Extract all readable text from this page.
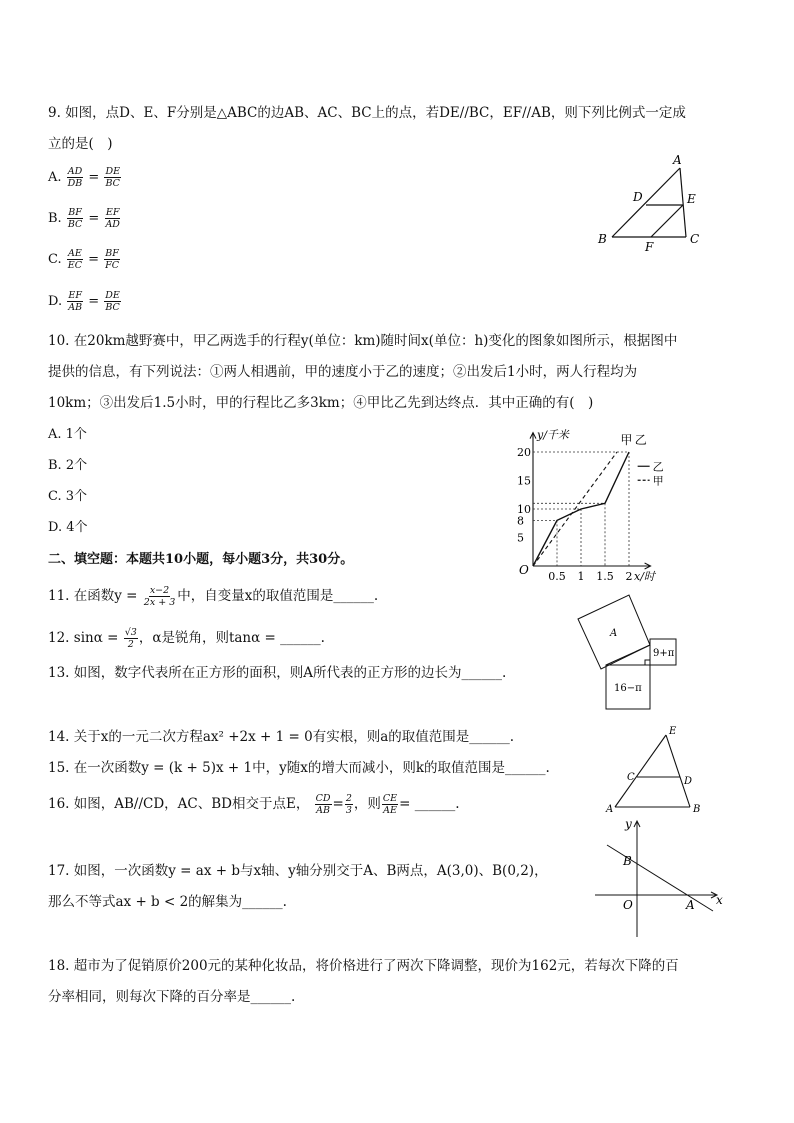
9. 如图，点D、E、F分别是△ABC的边AB、AC、BC上的点，若DE//BC，EF//AB，则下列比例式一定成
立的是(　)
A. $\frac{AD}{DB} = \frac{DE}{BC}$
B. $\frac{BF}{BC} = \frac{EF}{AD}$
C. $\frac{AE}{EC} = \frac{BF}{FC}$
D. $\frac{EF}{AB} = \frac{DE}{BC}$
A
B	C
D	E
F
10. 在20km越野赛中，甲乙两选手的行程y(单位：km)随时间x(单位：h)变化的图象如图所示，根据图中
提供的信息，有下列说法：①两人相遇前，甲的速度小于乙的速度；②出发后1小时，两人行程均为
10km；③出发后1.5小时，甲的行程比乙多3km；④甲比乙先到达终点．其中正确的有(　)
A. 1个
B. 2个
C. 3个
D. 4个
y/千米
x/时
O
5
8
10
15
20
0.5 1 1.5 2
甲 乙
乙
甲
二、填空题：本题共10小题，每小题3分，共30分。
11. 在函数$y = \frac{x-2}{2x + 3}$ 中，自变量x的取值范围是______.
12. $\sin\alpha = \frac{√3}{2}$ ，α是锐角，则tanα = ______.
13. 如图，数字代表所在正方形的面积，则A所代表的正方形的边长为______.
A
9+π
16−π
14. 关于x的一元二次方程ax² +2x + 1 = 0有实根，则a的取值范围是______.
15. 在一次函数y = (k + 5)x + 1中，y随x的增大而减小，则k的取值范围是______.
16. 如图，AB//CD，AC、BD相交于点E， $\frac{CD}{AB} = \frac{2}{3}$ ，则 $\frac{CE}{AE}$ = ______.
E
C	D
A	B
17. 如图，一次函数y = ax + b与x轴、y轴分别交于A、B两点，A(3,0)、B(0,2)，
那么不等式ax + b < 2的解集为______.
y
x
O	A
B
18. 超市为了促销原价200元的某种化妆品，将价格进行了两次下降调整，现价为162元，若每次下降的百
分率相同，则每次下降的百分率是______.
